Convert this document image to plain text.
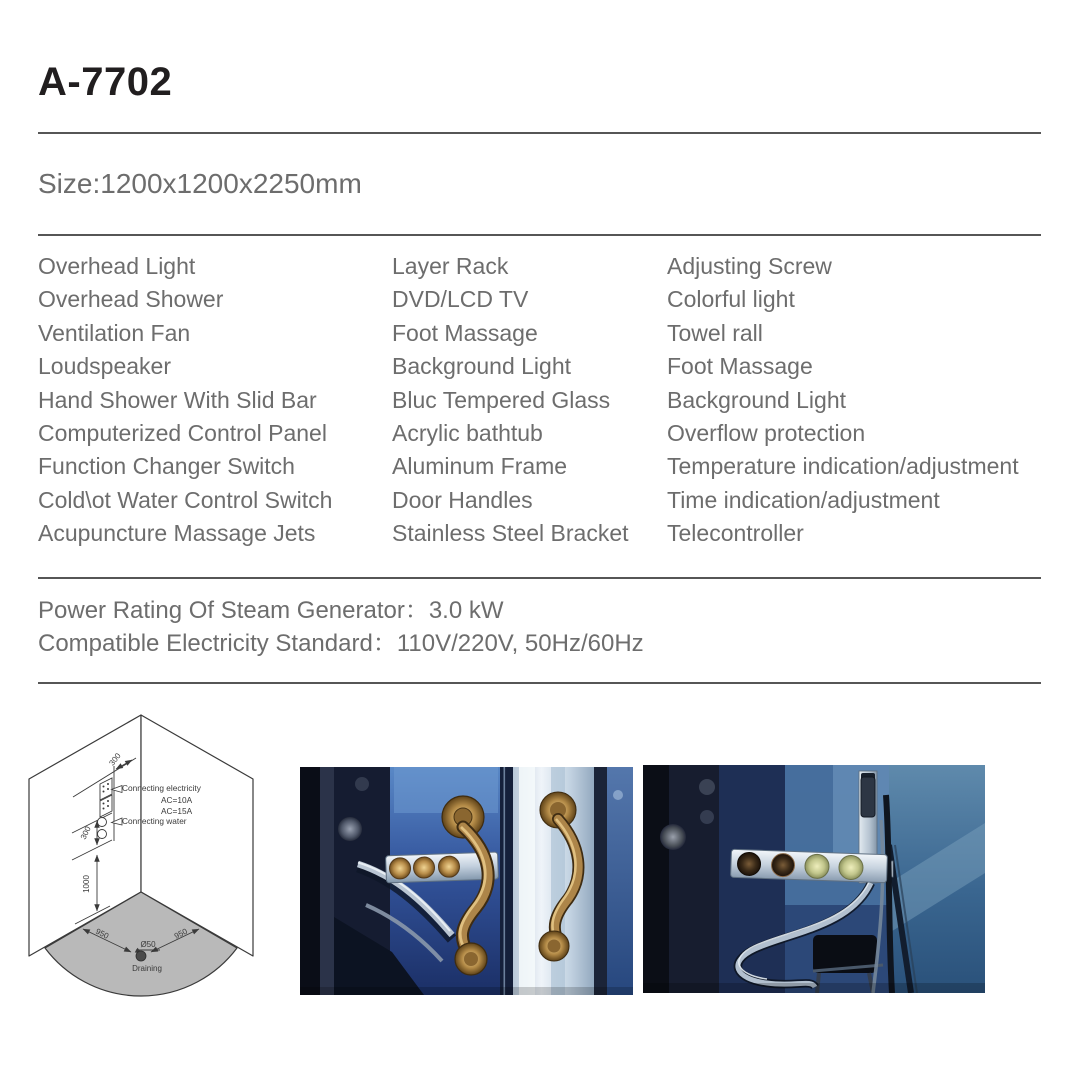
A-7702
Size:1200x1200x2250mm
Overhead Light
Overhead Shower
Ventilation Fan
Loudspeaker
Hand Shower With Slid Bar
Computerized Control Panel
Function Changer Switch
Cold\ot Water Control Switch
Acupuncture Massage Jets
Layer Rack
DVD/LCD TV
Foot Massage
Background Light
Bluc Tempered Glass
Acrylic bathtub
Aluminum Frame
Door Handles
Stainless Steel Bracket
Adjusting Screw
Colorful light
Towel rall
Foot Massage
Background Light
Overflow protection
Temperature indication/adjustment
Time indication/adjustment
Telecontroller
Power Rating Of Steam Generator：3.0 kW
Compatible Electricity Standard：110V/220V, 50Hz/60Hz
300
Connecting electricity
AC=10A
AC=15A
Connecting water
300
1000
950	950
Ø50
Draining
